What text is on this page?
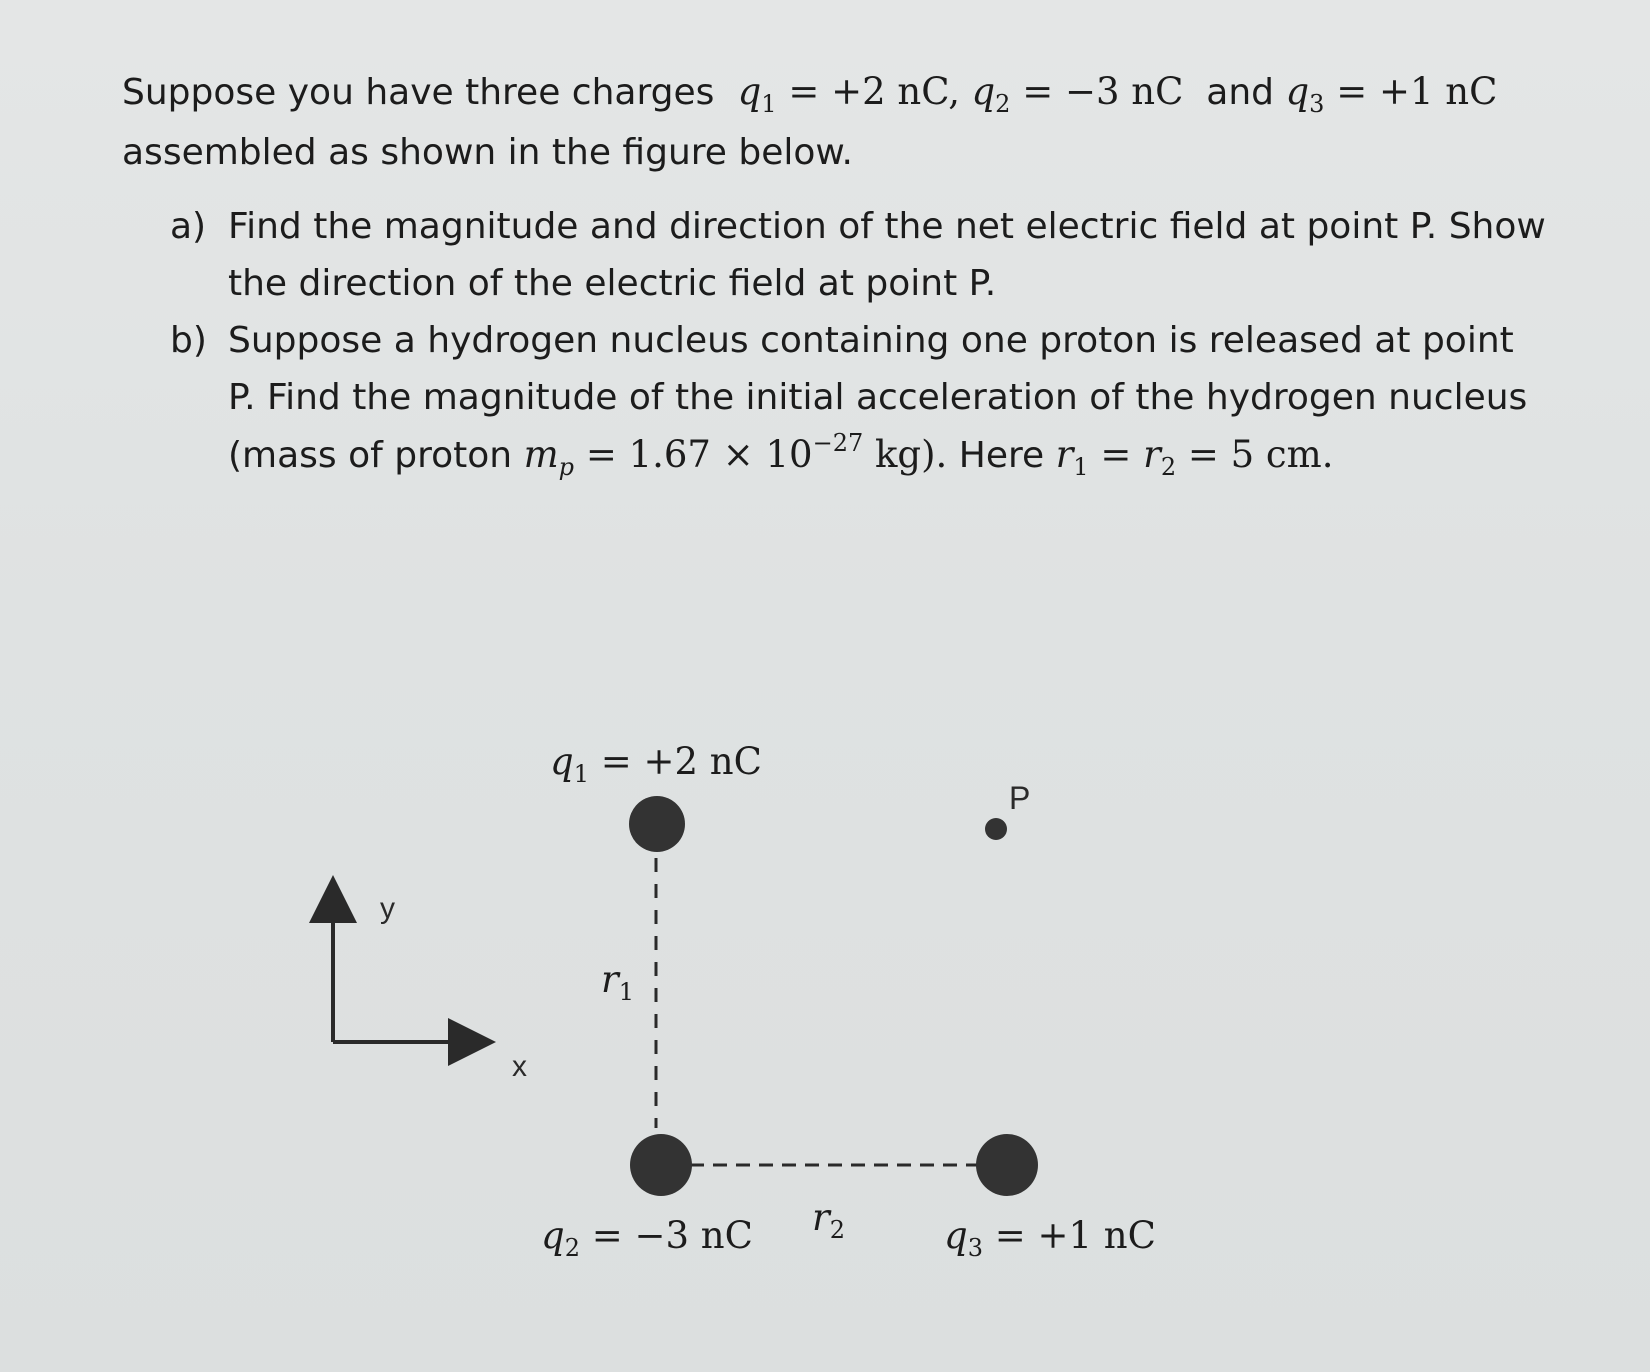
Suppose you have three charges $q_1 = +2$ nC, $q_2 = -3$ nC and $q_3 = +1$ nC
assembled as shown in the figure below.
a) Find the magnitude and direction of the net electric field at point P. Show
the direction of the electric field at point P.
b) Suppose a hydrogen nucleus containing one proton is released at point
P. Find the magnitude of the initial acceleration of the hydrogen nucleus
(mass of proton $m_p = 1.67 \times 10^{-27}$ kg). Here $r_1 = r_2 = 5$ cm.
$q_1 = +2$ nC
$q_2 = -3$ nC	$q_3 = +1$ nC
$r_1$
$r_2$
P
y
x
